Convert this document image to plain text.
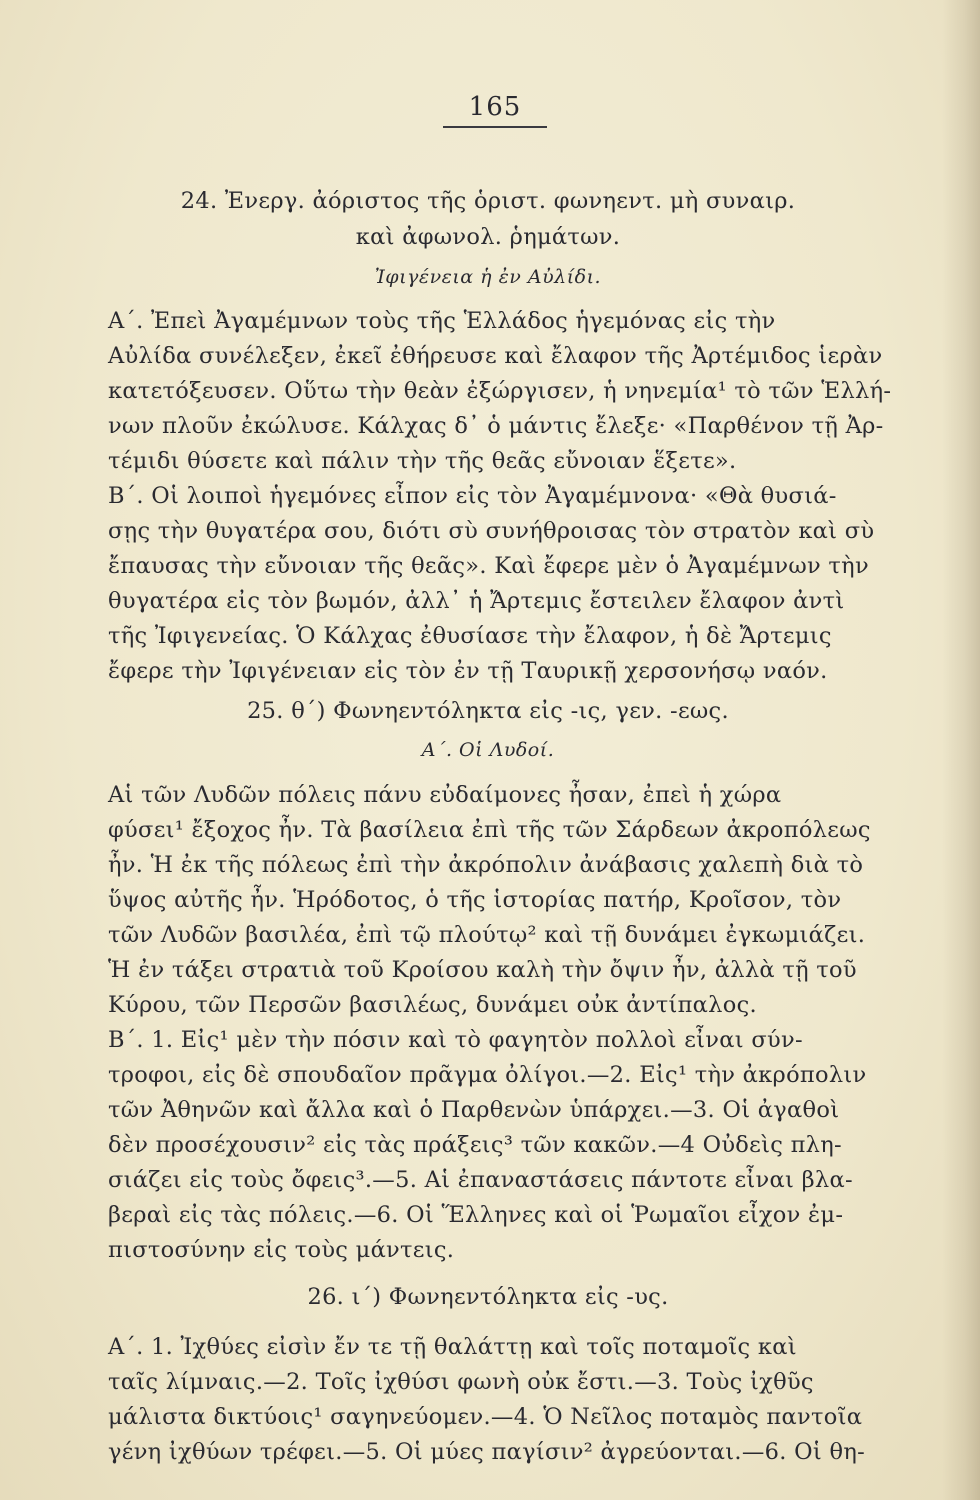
165
24. Ἐνεργ. ἀόριστος τῆς ὁριστ. φωνηεντ. μὴ συναιρ.
καὶ ἀφωνολ. ῥημάτων.
Ἰφιγένεια ἡ ἐν Αὐλίδι.
Α΄. Ἐπεὶ Ἀγαμέμνων τοὺς τῆς Ἑλλάδος ἡγεμόνας εἰς τὴν
Αὐλίδα συνέλεξεν, ἐκεῖ ἐθήρευσε καὶ ἔλαφον τῆς Ἀρτέμιδος ἱερὰν
κατετόξευσεν. Οὕτω τὴν θεὰν ἐξώργισεν, ἡ νηνεμία¹ τὸ τῶν Ἑλλή-
νων πλοῦν ἐκώλυσε. Κάλχας δ᾽ ὁ μάντις ἔλεξε· «Παρθένον τῇ Ἀρ-
τέμιδι θύσετε καὶ πάλιν τὴν τῆς θεᾶς εὔνοιαν ἕξετε».
Β΄. Οἱ λοιποὶ ἡγεμόνες εἶπον εἰς τὸν Ἀγαμέμνονα· «Θὰ θυσιά-
σῃς τὴν θυγατέρα σου, διότι σὺ συνήθροισας τὸν στρατὸν καὶ σὺ
ἔπαυσας τὴν εὔνοιαν τῆς θεᾶς». Καὶ ἔφερε μὲν ὁ Ἀγαμέμνων τὴν
θυγατέρα εἰς τὸν βωμόν, ἀλλ᾽ ἡ Ἄρτεμις ἔστειλεν ἔλαφον ἀντὶ
τῆς Ἰφιγενείας. Ὁ Κάλχας ἐθυσίασε τὴν ἔλαφον, ἡ δὲ Ἄρτεμις
ἔφερε τὴν Ἰφιγένειαν εἰς τὸν ἐν τῇ Ταυρικῇ χερσονήσῳ ναόν.
25. θ΄) Φωνηεντόληκτα εἰς -ις, γεν. -εως.
Α΄. Οἱ Λυδοί.
Αἱ τῶν Λυδῶν πόλεις πάνυ εὐδαίμονες ἦσαν, ἐπεὶ ἡ χώρα
φύσει¹ ἔξοχος ἦν. Τὰ βασίλεια ἐπὶ τῆς τῶν Σάρδεων ἀκροπόλεως
ἦν. Ἡ ἐκ τῆς πόλεως ἐπὶ τὴν ἀκρόπολιν ἀνάβασις χαλεπὴ διὰ τὸ
ὕψος αὐτῆς ἦν. Ἡρόδοτος, ὁ τῆς ἱστορίας πατήρ, Κροῖσον, τὸν
τῶν Λυδῶν βασιλέα, ἐπὶ τῷ πλούτῳ² καὶ τῇ δυνάμει ἐγκωμιάζει.
Ἡ ἐν τάξει στρατιὰ τοῦ Κροίσου καλὴ τὴν ὄψιν ἦν, ἀλλὰ τῇ τοῦ
Κύρου, τῶν Περσῶν βασιλέως, δυνάμει οὐκ ἀντίπαλος.
Β΄. 1. Εἰς¹ μὲν τὴν πόσιν καὶ τὸ φαγητὸν πολλοὶ εἶναι σύν-
τροφοι, εἰς δὲ σπουδαῖον πρᾶγμα ὀλίγοι.—2. Εἰς¹ τὴν ἀκρόπολιν
τῶν Ἀθηνῶν καὶ ἄλλα καὶ ὁ Παρθενὼν ὑπάρχει.—3. Οἱ ἀγαθοὶ
δὲν προσέχουσιν² εἰς τὰς πράξεις³ τῶν κακῶν.—4 Οὐδεὶς πλη-
σιάζει εἰς τοὺς ὄφεις³.—5. Αἱ ἐπαναστάσεις πάντοτε εἶναι βλα-
βεραὶ εἰς τὰς πόλεις.—6. Οἱ Ἕλληνες καὶ οἱ Ῥωμαῖοι εἶχον ἐμ-
πιστοσύνην εἰς τοὺς μάντεις.
26. ι΄) Φωνηεντόληκτα εἰς -υς.
Α΄. 1. Ἰχθύες εἰσὶν ἔν τε τῇ θαλάττῃ καὶ τοῖς ποταμοῖς καὶ
ταῖς λίμναις.—2. Τοῖς ἰχθύσι φωνὴ οὐκ ἔστι.—3. Τοὺς ἰχθῦς
μάλιστα δικτύοις¹ σαγηνεύομεν.—4. Ὁ Νεῖλος ποταμὸς παντοῖα
γένη ἰχθύων τρέφει.—5. Οἱ μύες παγίσιν² ἀγρεύονται.—6. Οἱ θη-
